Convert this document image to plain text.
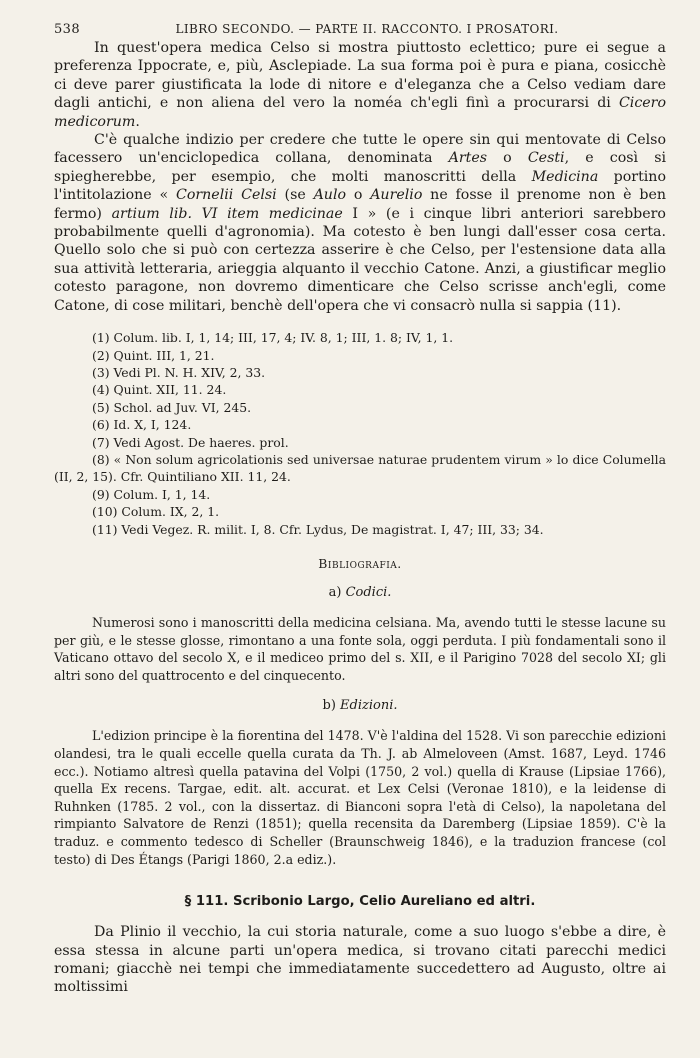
538	LIBRO SECONDO. — PARTE II. RACCONTO. I PROSATORI.

In quest'opera medica Celso si mostra piuttosto eclettico; pure ei segue a preferenza Ippocrate, e, più, Asclepiade. La sua forma poi è pura e piana, cosicchè ci deve parer giustificata la lode di nitore e d'eleganza che a Celso vediam dare dagli antichi, e non aliena del vero la noméa ch'egli finì a procurarsi di Cicero medicorum.

C'è qualche indizio per credere che tutte le opere sin qui mentovate di Celso facessero un'enciclopedica collana, denominata Artes o Cesti, e così si spiegherebbe, per esempio, che molti manoscritti della Medicina portino l'intitolazione « Cornelii Celsi (se Aulo o Aurelio ne fosse il prenome non è ben fermo) artium lib. VI item medicinae I » (e i cinque libri anteriori sarebbero probabilmente quelli d'agronomia). Ma cotesto è ben lungi dall'esser cosa certa. Quello solo che si può con certezza asserire è che Celso, per l'estensione data alla sua attività letteraria, arieggia alquanto il vecchio Catone. Anzi, a giustificar meglio cotesto paragone, non dovremo dimenticare che Celso scrisse anch'egli, come Catone, di cose militari, benchè dell'opera che vi consacrò nulla si sappia (11).

(1) Colum. lib. I, 1, 14; III, 17, 4; IV. 8, 1; III, 1. 8; IV, 1, 1.
(2) Quint. III, 1, 21.
(3) Vedi Pl. N. H. XIV, 2, 33.
(4) Quint. XII, 11. 24.
(5) Schol. ad Juv. VI, 245.
(6) Id. X, I, 124.
(7) Vedi Agost. De haeres. prol.
(8) « Non solum agricolationis sed universae naturae prudentem virum » lo dice Columella (II, 2, 15). Cfr. Quintiliano XII. 11, 24.
(9) Colum. I, 1, 14.
(10) Colum. IX, 2, 1.
(11) Vedi Vegez. R. milit. I, 8. Cfr. Lydus, De magistrat. I, 47; III, 33; 34.
Bibliografia.
a) Codici.

Numerosi sono i manoscritti della medicina celsiana. Ma, avendo tutti le stesse lacune su per giù, e le stesse glosse, rimontano a una fonte sola, oggi perduta. I più fondamentali sono il Vaticano ottavo del secolo X, e il mediceo primo del s. XII, e il Parigino 7028 del secolo XI; gli altri sono del quattrocento e del cinquecento.

b) Edizioni.

L'edizion principe è la fiorentina del 1478. V'è l'aldina del 1528. Vi son parecchie edizioni olandesi, tra le quali eccelle quella curata da Th. J. ab Almeloveen (Amst. 1687, Leyd. 1746 ecc.). Notiamo altresì quella patavina del Volpi (1750, 2 vol.) quella di Krause (Lipsiae 1766), quella Ex recens. Targae, edit. alt. accurat. et Lex Celsi (Veronae 1810), e la leidense di Ruhnken (1785. 2 vol., con la dissertaz. di Bianconi sopra l'età di Celso), la napoletana del rimpianto Salvatore de Renzi (1851); quella recensita da Daremberg (Lipsiae 1859). C'è la traduz. e commento tedesco di Scheller (Braunschweig 1846), e la traduzion francese (col testo) di Des Étangs (Parigi 1860, 2.a ediz.).

§ 111. Scribonio Largo, Celio Aureliano ed altri.

Da Plinio il vecchio, la cui storia naturale, come a suo luogo s'ebbe a dire, è essa stessa in alcune parti un'opera medica, si trovano citati parecchi medici romani; giacchè nei tempi che immediatamente succedettero ad Augusto, oltre ai moltissimi
